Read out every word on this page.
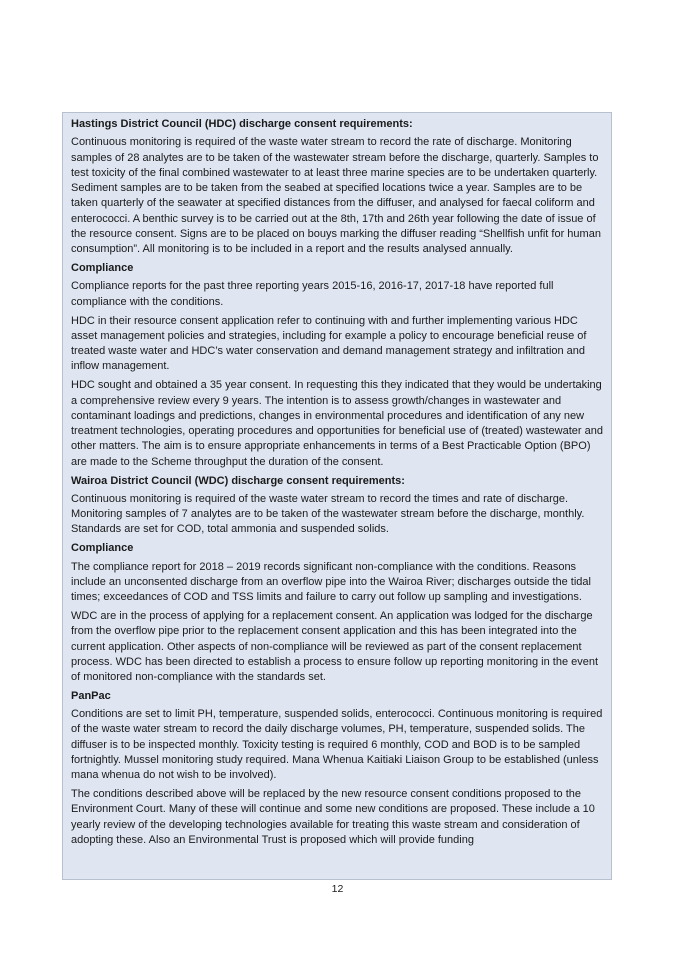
Hastings District Council (HDC) discharge consent requirements:

Continuous monitoring is required of the waste water stream to record the rate of discharge. Monitoring samples of 28 analytes are to be taken of the wastewater stream before the discharge, quarterly. Samples to test toxicity of the final combined wastewater to at least three marine species are to be undertaken quarterly. Sediment samples are to be taken from the seabed at specified locations twice a year. Samples are to be taken quarterly of the seawater at specified distances from the diffuser, and analysed for faecal coliform and enterococci. A benthic survey is to be carried out at the 8th, 17th and 26th year following the date of issue of the resource consent. Signs are to be placed on bouys marking the diffuser reading “Shellfish unfit for human consumption”. All monitoring is to be included in a report and the results analysed annually.

Compliance

Compliance reports for the past three reporting years 2015-16, 2016-17, 2017-18 have reported full compliance with the conditions.

HDC in their resource consent application refer to continuing with and further implementing various HDC asset management policies and strategies, including for example a policy to encourage beneficial reuse of treated waste water and HDC’s water conservation and demand management strategy and infiltration and inflow management.

HDC sought and obtained a 35 year consent. In requesting this they indicated that they would be undertaking a comprehensive review every 9 years. The intention is to assess growth/changes in wastewater and contaminant loadings and predictions, changes in environmental procedures and identification of any new treatment technologies, operating procedures and opportunities for beneficial use of (treated) wastewater and other matters. The aim is to ensure appropriate enhancements in terms of a Best Practicable Option (BPO) are made to the Scheme throughput the duration of the consent.

Wairoa District Council (WDC) discharge consent requirements:

Continuous monitoring is required of the waste water stream to record the times and rate of discharge. Monitoring samples of 7 analytes are to be taken of the wastewater stream before the discharge, monthly. Standards are set for COD, total ammonia and suspended solids.

Compliance

The compliance report for 2018 – 2019 records significant non-compliance with the conditions. Reasons include an unconsented discharge from an overflow pipe into the Wairoa River; discharges outside the tidal times; exceedances of COD and TSS limits and failure to carry out follow up sampling and investigations.

WDC are in the process of applying for a replacement consent. An application was lodged for the discharge from the overflow pipe prior to the replacement consent application and this has been integrated into the current application. Other aspects of non-compliance will be reviewed as part of the consent replacement process. WDC has been directed to establish a process to ensure follow up reporting monitoring in the event of monitored non-compliance with the standards set.

PanPac

Conditions are set to limit PH, temperature, suspended solids, enterococci. Continuous monitoring is required of the waste water stream to record the daily discharge volumes, PH, temperature, suspended solids. The diffuser is to be inspected monthly. Toxicity testing is required 6 monthly, COD and BOD is to be sampled fortnightly. Mussel monitoring study required. Mana Whenua Kaitiaki Liaison Group to be established (unless mana whenua do not wish to be involved).

The conditions described above will be replaced by the new resource consent conditions proposed to the Environment Court. Many of these will continue and some new conditions are proposed. These include a 10 yearly review of the developing technologies available for treating this waste stream and consideration of adopting these. Also an Environmental Trust is proposed which will provide funding

12
